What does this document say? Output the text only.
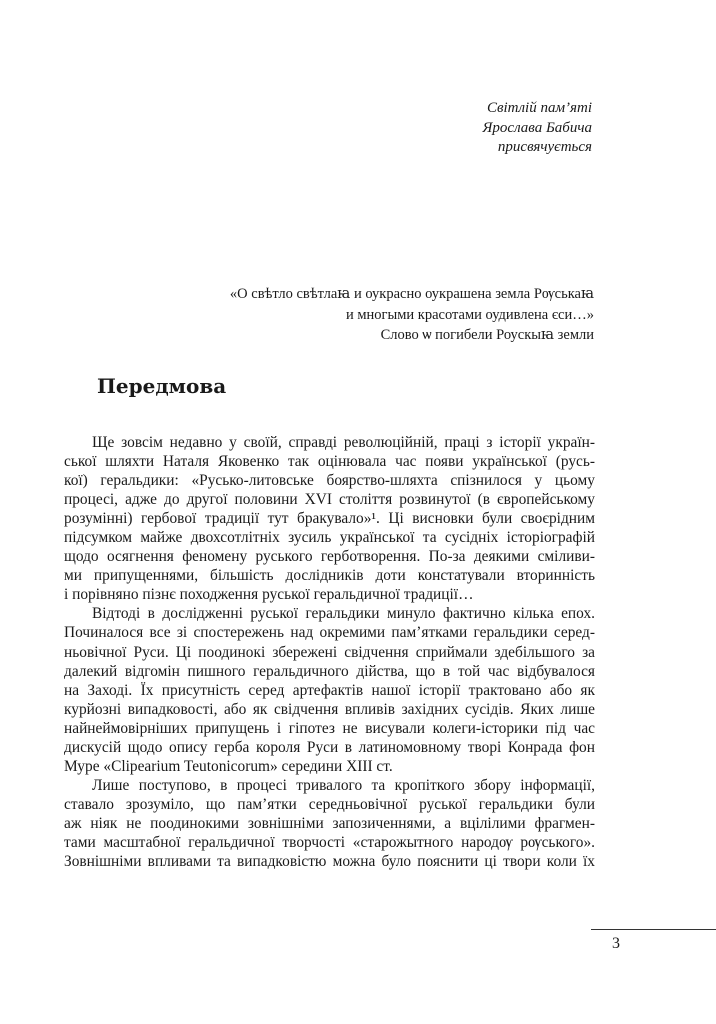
Світлій пам’яті
Ярослава Бабича
присвячується
«О свѣтло свѣтлаꙗ и оукрасно оукрашена земла Рѹськаꙗ
и многыми красотами оудивлена єси…»
Слово ѡ погибели Роускыꙗ земли
Передмова
Ще зовсім недавно у своїй, справді революційній, праці з історії україн-
ської шляхти Наталя Яковенко так оцінювала час появи української (русь-
кої) геральдики: «Русько-литовське боярство-шляхта спізнилося у цьому
процесі, адже до другої половини XVI століття розвинутої (в європейському
розумінні) гербової традиції тут бракувало»¹. Ці висновки були своєрідним
підсумком майже двохсотлітніх зусиль української та сусідніх історіографій
щодо осягнення феномену руського герботворення. По-за деякими сміливи-
ми припущеннями, більшість дослідників доти констатували вторинність
і порівняно пізнє походження руської геральдичної традиції…
Відтоді в дослідженні руської геральдики минуло фактично кілька епох.
Починалося все зі спостережень над окремими пам’ятками геральдики серед-
ньовічної Руси. Ці поодинокі збережені свідчення сприймали здебільшого за
далекий відгомін пишного геральдичного дійства, що в той час відбувалося
на Заході. Їх присутність серед артефактів нашої історії трактовано або як
курйозні випадковості, або як свідчення впливів західних сусідів. Яких лише
найнеймовірніших припущень і гіпотез не висували колеги-історики під час
дискусій щодо опису герба короля Руси в латиномовному творі Конрада фон
Муре «Clipearium Teutonicorum» середини XIII ст.
Лише поступово, в процесі тривалого та кропіткого збору інформації,
ставало зрозуміло, що пам’ятки середньовічної руської геральдики були
аж ніяк не поодинокими зовнішніми запозиченнями, а вцілілими фрагмен-
тами масштабної геральдичної творчості «старожытного народѹ рѹського».
Зовнішніми впливами та випадковістю можна було пояснити ці твори коли їх
3
